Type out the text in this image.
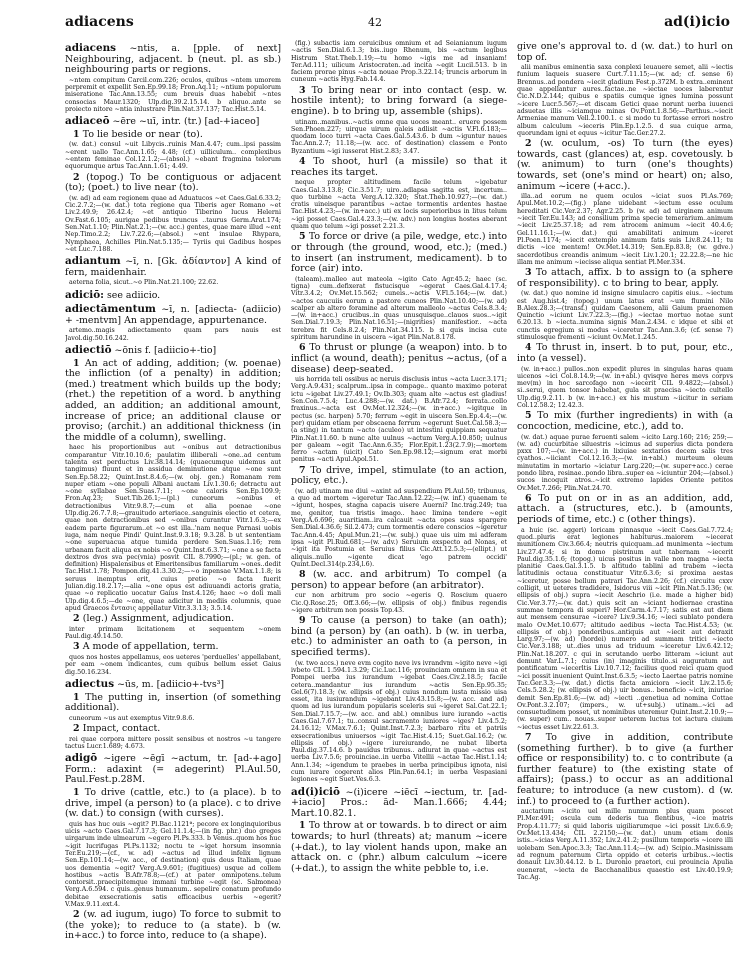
adiacens	42	ad(i)icio

adiacens ~ntis, a. [pple. of next] Neighbouring, adjacent. b (neut. pl. as sb.) neighbouring parts or regions.

~ntem compitum Carcil.com.226; oculos, quibus ~ntem umorem perpremit et expellit Sen.Ep.99.18; Fron.Aq.11; ~ntium populorum miseratione Tac.Ann.13.55; cum breuis duas habebit ~ntes consocias Maur.1320; Ulp.dig.39.2.15.14. b aliquo..ante se proiecto nitore ~ntia inlustrare Plin.Nat.37.137; Tac.Hist.5.14.

adiaceō ~ēre ~uī, intr. (tr.) [ad-+iaceo]

1 To lie beside or near (to).

(w. dat.) consul ~uit Libycis..ruinis Man.4.47; cum..ipsi passim ~erent uallo Tac.Ann.1.65; 4.48; (cf.) uilliculum.. complexibus ~entem feminae Col.12.1.2;—(absol.) ~ebant fragmina telorum equorumque artus Tac.Ann.1.61; 4.49.

2 (topog.) To be contiguous or adjacent (to); (poet.) to live near (to).

(w. ad) ad eam regionem quae ad Aduatucos ~et Caes.Gal.6.33.2; Cic.2.7.2;—(w. dat.) tota regione qua Tiberis ager Romano ~et Liv.2.49.9; 26.42.4; ~et antiquo Tiberino lucus Helerni Ov.Fast.6.105; aurigae pedibus truncus ..taurus Germ.Arat.174; Sen.Nat.1.10; Plin.Nat.2.1;—(w. acc.) gentes, quae mare illud ~ent Nep.Timo.2.2; Liv.7.22.6;—(absol.) ~ent insulae Rhypara, Nymphaea, Achilles Plin.Nat.5.135;— Tyriis qui Gadibus hospes ~et Luc.7.188.

adiantum ~ī, n. [Gk. ἀδίαντον] A kind of fern, maidenhair.

aeterna folia, sicut..~o Plin.Nat.21.100; 22.62.

adiciō: see adiicio.

adiectāmentum ~ī, n. [adiecta- (adiicio) + -mentvm] An appendage, appurtenance.

artemo..magis adiectamento quam pars nauis est Javol.dig.50.16.242.

adiectiō ~ōnis f. [adiicio+-tio]

1 An act of adding, addition; (w. poenae) the infliction (of a penalty) in addition; (med.) treatment which builds up the body; (rhet.) the repetition of a word. b anything added, an addition; an additional amount, increase of price; an additional clause or proviso; (archit.) an additional thickness (in the middle of a column), swelling.

haec his proportionibus aut ~onibus aut detractionibus comparantur Vitr.10.10.6; paulatim illiberali ~one..ad centum talenta est perductus Liv.38.14.14; (quaecumque uidemus aut tangimus) fluunt et in assidua deminutione atque ~one sunt Sen.Ep.58.22; Quint.Inst.8.4.6;—(w. obj. gen.) Romanam rem nuper etiam ~one populi Albani auctam Liv.1.30.6; detractu aut ~one syllabae Sen.Suas.7.11; ~one caloris Sen.Ep.109.9; Fron.Aq.23; Suet.Tib.26.1;—(pl.) cuneorum ~onibus et detractionibus Vitr.9.8.7;—cum et alia poenae ~one Ulp.dig.26.7.7.8;—grauitudo arteriace..sanguinis eiectio et cetera, quae non detractionibus sed ~onibus curantur Vitr.1.6.3;—ex eadem parte figurarum..et ~o est illa..'nam neque Parnasi uobis iuga, nam neque Pindi' Quint.Inst.9.3.18; 9.3.28. b ut sententiam ~one superuacua atque tumida perdere Sen.Suas.1.16; rem urbanam facit aliqua ex nobis ~o Quint.Inst.6.3.71; ~one a se facta dextros dvos sva pec(vnia) posvit CIL 8.7990;—(pl.; w. gen. of definition) Hispalensibus et Emeritensibus familiarum ~ones..dedit Tac.Hist.1.78; Pompon.dig.41.3.30.2;—~o inpensae V.Max.1.1.8; is seruus inemptus erit, cuius pretio ~o facta fuerit Julian.dig.18.2.17;—alia ~one opus est adiuuandi actoris gratia, quae ~o replicatio uocatur Gaius Inst.4.126; haec ~o doli mali Ulp.dig.4.6.5;—de ~one, quae adicitur in mediis columnis, quae apud Graecos ἔντασις appellatur Vitr.3.3.13; 3.5.14.

2 (leg.) Assignment, adjudication.

inter primam licitationem et sequentem ~onem Paul.dig.49.14.50.

3 A mode of appellation, term.

quos nos hostes appellamus, eos ueteres 'perduelles' appellabant, per eam ~onem indicantes, cum quibus bellum esset Gaius dig.50.16.234.

adiectus ~ūs, m. [adiicio+-tvs³]

1 The putting in, insertion (of something additional).

cuneorum ~us aut exemptus Vitr.9.8.6.

2 Impact, contact.

rei quae corpora mittere possit sensibus et nostros ~u tangere tactus Lucr.1.689; 4.673.

adigō ~igere ~ēgī ~actum, tr. [ad-+ago] Form.: adaxint (= adegerint) Pl.Aul.50, Paul.Fest.p.28M.

1 To drive (cattle, etc.) to (a place). b to drive, impel (a person) to (a place). c to drive (w. dat.) to consign (with curses).

quis has huc ouis ~egit? Pl.Bac.1121ª; pecore ex longinquioribus uicis ~acto Caes.Gal.7.17.3; Gel.11.1.4;—(in fig. phr.) duo greges uirgarum inde ulmearum ~egero Pl.Ps.333. b Venus..quom hos huc ~igit lucrifugas Pl.Ps.1132; noctu te ~iget horsum insomnia Ter.Eu.219;—(cf., w. ad) ~actus ad illud infelix lignum Sen.Ep.101.14;—(w. acc., of destination) quis deus Italiam, quae uos dementia ~egit? Verg.A.9.601; (fugitiues) usque ad collem hostibus ~actis B.Afr.78.8;—(cf.) at pater omnipotens..telum contorsit..praecipitemque immani turbine ~egit (sc. Salmonea) Verg.A.6.594. c quis..genus humanum.. sepelire conatum profundo debitae exsecrationis satis efficacibus uerbis ~egerit? V.Max.9.11.ext.4.

2 (w. ad iugum, iugo) To force to submit to (the yoke); to reduce to (a state). b (w. in+acc.) to force into, reduce to (a shape).

(fig.) subactis iam ceruicibus omnium et ad Seianianum iugum ~actis Sen.Dial.6.1.3; bis..iugo Rhenum, bis ~actum legibus Histrum Stat.Theb.1.19;—tu homo ~igis me ad insaniam! Ter.Ad.111; uilicum Aristocraten..ad incita ~egit Lucil.513. b in faciem prorae pinus ~acta nouae Prop.3.22.14; truncis arborum in cuneum ~actis Hyg.Fab.14.4.

3 To bring near or into contact (esp. w. hostile intent); to bring forward (a siege-engine). b to bring up, assemble (ships).

utinam..manibus..~actis omne qua uoces meant.. eruere possem Sen.Phoen.227; uirque uirum galeis adlisit ~actis V.Fl.6.183;—quodam loco turri ~acta Caes.Gal.5.43.6. b dum ~iguntur naues Tac.Ann.2.7; 11.18;—(w. acc. of destination) classem e Ponto Byzantium ~igi iusserat Hist.2.83; 3.47.

4 To shoot, hurl (a missile) so that it reaches its target.

neque propter altitudinem facile telum ~igebatur Caes.Gal.3.13.8; Cic.3.51.7; uiro..adlapsa sagitta est, incertum.. quo turbine ~acta Verg.A.12.320; Stat.Theb.10.927;—(w. dat.) cratis uineisque parantibus ~actae tormentis ardentes hastae Tac.Hist.4.23;—(w. in+acc.) uti ex locis superioribus in litus telum ~igi posset Caes.Gal.4.23.3;—(w. adv.) non longius hostes aberant quam quo telum ~igi posset 2.21.3.

5 To force or drive (a pile, wedge, etc.) into or through (the ground, wood, etc.); (med.) to insert (an instrument, medicament). b to force (air) into.

(taleam)..malleo aut mateola ~igito Cato Agr.45.2; haec (sc. tigna) cum..defixerat fistucisque ~egerat Caes.Gal.4.17.4; Vitr.3.4.2; Ov.Met.15.562; cuneis..~actis V.Fl.5.164;—(w. dat.) ~actos caucuiis eorum a pastore cuneos Plin.Nat.10.40;—(w. ad) scalper ab altero foramine ad alterum malleolo ~actus Cels.8.3.4;—(w. in+acc.) crucibus..in quas unusquisque..clauos suos..~igit Sen.Dial.7.19.3; Plin.Nat.16.51;—(nigrities) manifestior.. ~acta terebra fit Cels.8.2.4; Plin.Nat.34.115. b si quis incisa cute spiritum harundine in uiscera ~igat Plin.Nat.8.178.

6 To thrust or plunge (a weapon) into. b to inflict (a wound, death); penitus ~actus, (of a disease) deep-seated.

uis horrida teli ossibus ac neruis disclusis intus ~acta Lucr.3.171; Verg.A.9.431; scalprum..ipsa in compage.. quanto maximo poterat ictu ~igebat Liv.27.49.1; Ov.Ib.303; quam alte ~actus est gladius! Sen.Con.7.5.4; Luc.4.288;—(w. dat.) B.Afr.72.4; ferrata..collo fraxinus..~acta est Ov.Met.12.324;—(w. in+acc.) ~igitque in pectus (sc. harpen) 5.70; ferrum ~egit in uiscera Sen.Ep.4.4;—(w. per) quidam etiam per obscaena ferrum ~egerunt Suet.Cal.58.3;—(a sting) in tantum ~acto (aculeo) ut intestini quippiam sequatur Plin.Nat.11.60. b nunc alte uulnus ~actum Verg.A.10.850; uulnus per galeam ~egit Tac.Ann.6.35; Flor.Epit.1.23(2.7.9);—mortem ferro ~actam (uicit) Cato Sen.Ep.98.12;—signum erat morbi penitus ~acti Apul.Apol.51.

7 To drive, impel, stimulate (to an action, policy, etc.).

(w. ad) utinam me diui ~axint ad suspendium Pl.Aul.50; tribunus, a quo ad mortem ~igeretur Tac.Ann.12.22;—(w. inf.) quaenam te ~igunt, hospes, stagna capacis uisere Auerni? Inc.trag.249; tua me, genitor, tua tristis imago.. haec limina tendere ~egit Verg.A.6.696; auaritiam..ira calcauit ~acta opes suas spargere Sen.Dial.4.36.6; Sil.2.473; cum tormentis edere conscios ~igeretur Tac.Ann.4.45; Apul.Mun.21;—(w. subj.) quae uis uim mi adferam ipsa ~igit Pl.Rud.681;—(w. adv.) Seruium exspecto ad Nonas, et ~igit ita Postumia et Seruius filius Cic.Att.12.5.3;—(ellipt.) ut aliquis..nullo ~igente dicat 'ego patrem occidi' Quint.Decl.314(p.234,l.6).

8 (w. acc. and arbitrum) To compel (a person) to appear before (an arbitrator).

cur non arbitrum pro socio ~egeris Q. Roscium quaero Cic.Q.Rosc.25; Off.3.66;—(w. ellipsis of obj.) finibus regendis ~igere arbitrum non possis Top.43.

9 To cause (a person) to take (an oath); bind (a person) by (an oath). b (w. in uerba, etc.) to administer an oath to (a person, in specified terms).

(w. two accs.) neve evm cogito neve ivs ivrandvm ~igito neve ~igi ivbeto CIL 1.594.1.3.29; Cic.Luc.116; prouinciam omnem in sua et Pompei uerba ius iurandum ~igebat Caes.Civ.2.18.5; facile cetera..mandantur ius iurandum ~actis Sen.Ep.95.35; Gel.6(7).18.3; (w. ellipsis of obj.) cuius nondum iusta missio uisa esset, ita iusiurandum ~igebant Liv.43.15.8;—(w. acc. and ad) quom ad ius iurandum popularis sceleris sui ~igeret Sal.Cat.22.1; Sen.Dial.7.15.7;—(w. acc. and abl.) omnibus iure iurando ~actis Caes.Gal.7.67.1; tu..consul sacramento iuniores ~iges? Liv.4.5.2; 24.16.12; V.Max.7.6.1; Quint.Inst.7.2.3; barbaro ritu et patriis exsecrationibus uniuersos ~igit Tac.Hist.4.15; Suet.Gal.16.2; (w. ellipsis of obj.) ~igere iureiurando, ne nubat liberta Paul.dig.37.14.6. b pauidus tribunus.. adiurat in quae ~actus est uerba Liv.7.5.6; prouinciae..in uerba Vitellii ~actae Tac.Hist.1.14; Ann.1.34; ~igendum te praebes in uerba principibus ignota, nisi cum iurare cogerent alios Plin.Pan.64.1; in uerba Vespasiani legiones ~egit Suet.Ves.6.3.

ad(i)iciō ~(i)icere ~iēcī ~iectum, tr. [ad-+iacio] Pros.: ād- Man.1.666; 4.44; Mart.10.82.1.

1 To throw at or towards. b to direct or aim towards; to hurl (threats) at; manum ~icere (+dat.), to lay violent hands upon, make an attack on. c (phr.) album calculum ~icere (+dat.), to assign the white pebble to, i.e.

give one's approval to. d (w. dat.) to hurl on top of.

alii manibus eminentia saxa conplexi leuauere semet, alii ~iectis funium laqueis suasere Curt.7.11.15;—(w. ad; cf. sense 6) Brennus..ad pondera ~iecit gladium Fest.p.372M. b extra..eminent quae appellantur aures..factae..ne ~iectae uoces laberentur Cic.N.D.2.144; quibus e spatiis cumque ignes lumina possunt ~icere Lucr.5.567;—et discam Getici quae norunt uerba iuuenci adsuetas illis ~iciamque minas Ov.Pont.1.8.56;—Parthus..~iecit Armeniae manum Vell.2.100.1. c si modo tu fortasse errori nostro album calculum ~ieceris Plin.Ep.1.2.5. d sua cuique arma, quorundam igni et equus ~icitur Tac.Ger.27.2.

2 (w. oculum, -os) To turn (the eyes) towards, cast (glances) at, esp. covetously. b (w. animum) to turn (one's thoughts) towards, set (one's mind or heart) on; also, animum ~icere (+acc.).

illa..ad eorum ne quem oculos ~iciat suos Pl.As.769; Apul.Met.10.2;—(fig.) plane uidebant ~iectum esse oculum hereditati Cic.Ver.2.37; Agr.2.25. b (w. ad) ad uirginem animum ~iecit Ter.Eu.143; ad consilium prima specie temerarium..animum ~iecit Liv.25.37.18; ad rem atrocem animum ~iecit 40.4.6; Gel.11.16.1;—(w. dat.) qui amabilitati animum ~iceret Pl.Poen.1174; ~iecit extemplo animum fatis suis Liv.8.24.11; tu dictis ~ice mentem! Ov.Met.14.319; Sen.Ep.83.8; (w. gdve.) sacerdotibus creandis animum ~iecit Liv.1.20.1; 22.22.8;—ne hic illam me animum ~iecisse aliqua sentiat Pl.Mer.334.

3 To attach, affix. b to assign to (a sphere of responsibility). c to bring to bear, apply.

(w. dat.) quo nomine id insigne simulacro capitis eius.. ~iectum est Aug.hist.4; (topog.) unum latus erat ~um flumini Nilo B.Alex.28.3;—(transf.) quidam Caesonem, alii Gaium praenomen Quinctio ~iciunt Liv.7.22.3;—(fig.) ~iectae mortuo notae sunt 6.20.13. b ~iecta..numina signis Man.2.434. c idque et sibi et cunctis egregium si modus ~iceretur Tac.Ann.3.6; (cf. sense 7) stimulosque frementi ~iciunt Ov.Met.1.245.

4 To thrust in, insert. b to put, pour, etc., into (a vessel).

(w. in+acc.) pullos..non expedit plures in singulas haras quam uicenos ~ici Col.8.14.9;—(w. in+abl.) qvisqve heres mevs corpvs mev(m) in hoc sarcofago non ~iecerit CIL 9.4822;—(absol.) si..serui, quem tonsor habebat, gula sit praecisa ~iecto cultello Ulp.dig.9.2.11. b (w. in+acc.) ex his mustum ~iicitur in seriam Col.12.58.2; 12.42.3.

5 To mix (further ingredients) in with (a concoction, medicine, etc.), add to.

(w. dat.) aquae purae feruenti salem ~icito Larg.160; 216; 259;—(w. ad) cucurbitae siluestris ~icimus ad superius dicta pondera pxxx 107;—(w. in+acc.) in lixiuiae sextarios decem salis tres cyathos..~iiciant Col.12.16.3;—(w. in+abl.) murteum oleum minutatim in mortario ~iciatur Larg.220;—(w. super+acc.) cerae pondo libra, resinae..pondo libra..super ea ~iciuntur 204;—(absol.) sucos incoquit atros..~icit extremo lapides Oriente petitos Ov.Met.7.266; Plin.Nat.24.70.

6 To put on or in as an addition, add, attach. a (structures, etc.). b (amounts, periods of time, etc.) c (other things).

a huic (sc. aggeri) loricam pinnasque ~iecit Caes.Gal.7.72.4; quod..pluris erat legiones habiturus..maiorem ~iecerat munitionem Civ.3.66.4; neutris quicquam..ad munimenta ~iectum Liv.27.47.4; si in domo pistrinum aut tabernam ~iecerit Paul.dig.35.1.6; (topog.) uicus positus in valle non magna ~iecta planitie Caes.Gal.3.1.5. b altitudo tablini ad trabem ~iecta latitudinis octaua constituatur Vitr.6.3.6; si proxima aestas ~iceretur, posse bellum patrari Tac.Ann.2.26; (cf.) circuitu cxxv colligit, ut ueteres tradidere, Isidorus viii ~icit Plin.Nat.5.136; (w. ellipsis of obj.) supra ~iecit Aeschrio (i.e. made a higher bid) Cic.Ver.3.77;—(w. dat.) quis scit an ~iciant hodiernae crastina summae tempora di superi? Hor.Carm.4.7.17; satis est aut diem aut mensem censurae ~icere? Liv.9.34.16; ~ieci sublato pondera malo Ov.Met.10.677; altitudo aedibus ~iecta Tac.Hist.4.53; (w. ellipsis of obj.) ponderibus..antiquis aut ~iecit aut detraxit Larg.97;—(w. ad) (hordei) numero ad summam tritici ~iecto Cic.Ver.3.188; ut..dies unus ad triduum ~iceretur Liv.6.42.12; Plin.Nat.18.207. c qui in scrutando uerbo litteram ~iciunt aut demunt Var.L.7.1; cuius (in) imaginis titulo..si auguratum aut pontificatum ~iecerltis Liv.10.7.12; facilius quod reici quam quod ~ici possit inuenient Quint.Inst.6.3.5; ~iecto Laertae patris nomine Tac.Ger.3.3;—(w. dat.) dictis facta amiciora ~iecit Liv.2.15.6; Cels.5.28.2; (w. ellipsis of obj.) uir bonus.. beneficio ~icit, iniuriae demit Sen.Ep.81.6;—(w. ad) ~iecti ..genetiua ad nomina Cottae Ov.Pont.3.2.107; (impers., w. ut+subj.) utinam..~ici ad consuetudinem posset, ut nominibus uteremur Quint.Inst.2.10.9;—(w. super) cum.. nouas..super ueterem luctus tot iactura ciuium ~iectus esset Liv.22.61.3.

7 To give in addition, contribute (something further). b to give (a further office or responsibility) to. c to contribute (a further feature) to (the existing state of affairs); (pass.) to occur as an additional feature; to introduce (a new custom). d (w. inf.) to proceed to (a further action).

auctarium ~icito uel mille nummum plus quam poscet Pl.Mer.491; oscula cum dederis tua flentibus, ~ice matris Prop.4.11.77; si quid laboris uigiliarumque ~ici possit Liv.6.6.9; Ov.Met.13.434; CIL 2.2150;—(w. dat.) unum etiam donis istis..~icias Verg.A.11.352; Liv.2.41.2; pusillum temporis ~icere illi uolebam Sen.Apoc.3.3; Tac.Ann.11.4;—(w. ad) Scipio..Masinissam ad regnum paternum Cirta oppido et ceteris urbibus..~iectis donauit Liv.30.44.12. b L. Duronio praetori, cui prouincia Apulia euenerat, ~iecta de Bacchanalibus quaestio est Liv.40.19.9; Tac.Ag.
